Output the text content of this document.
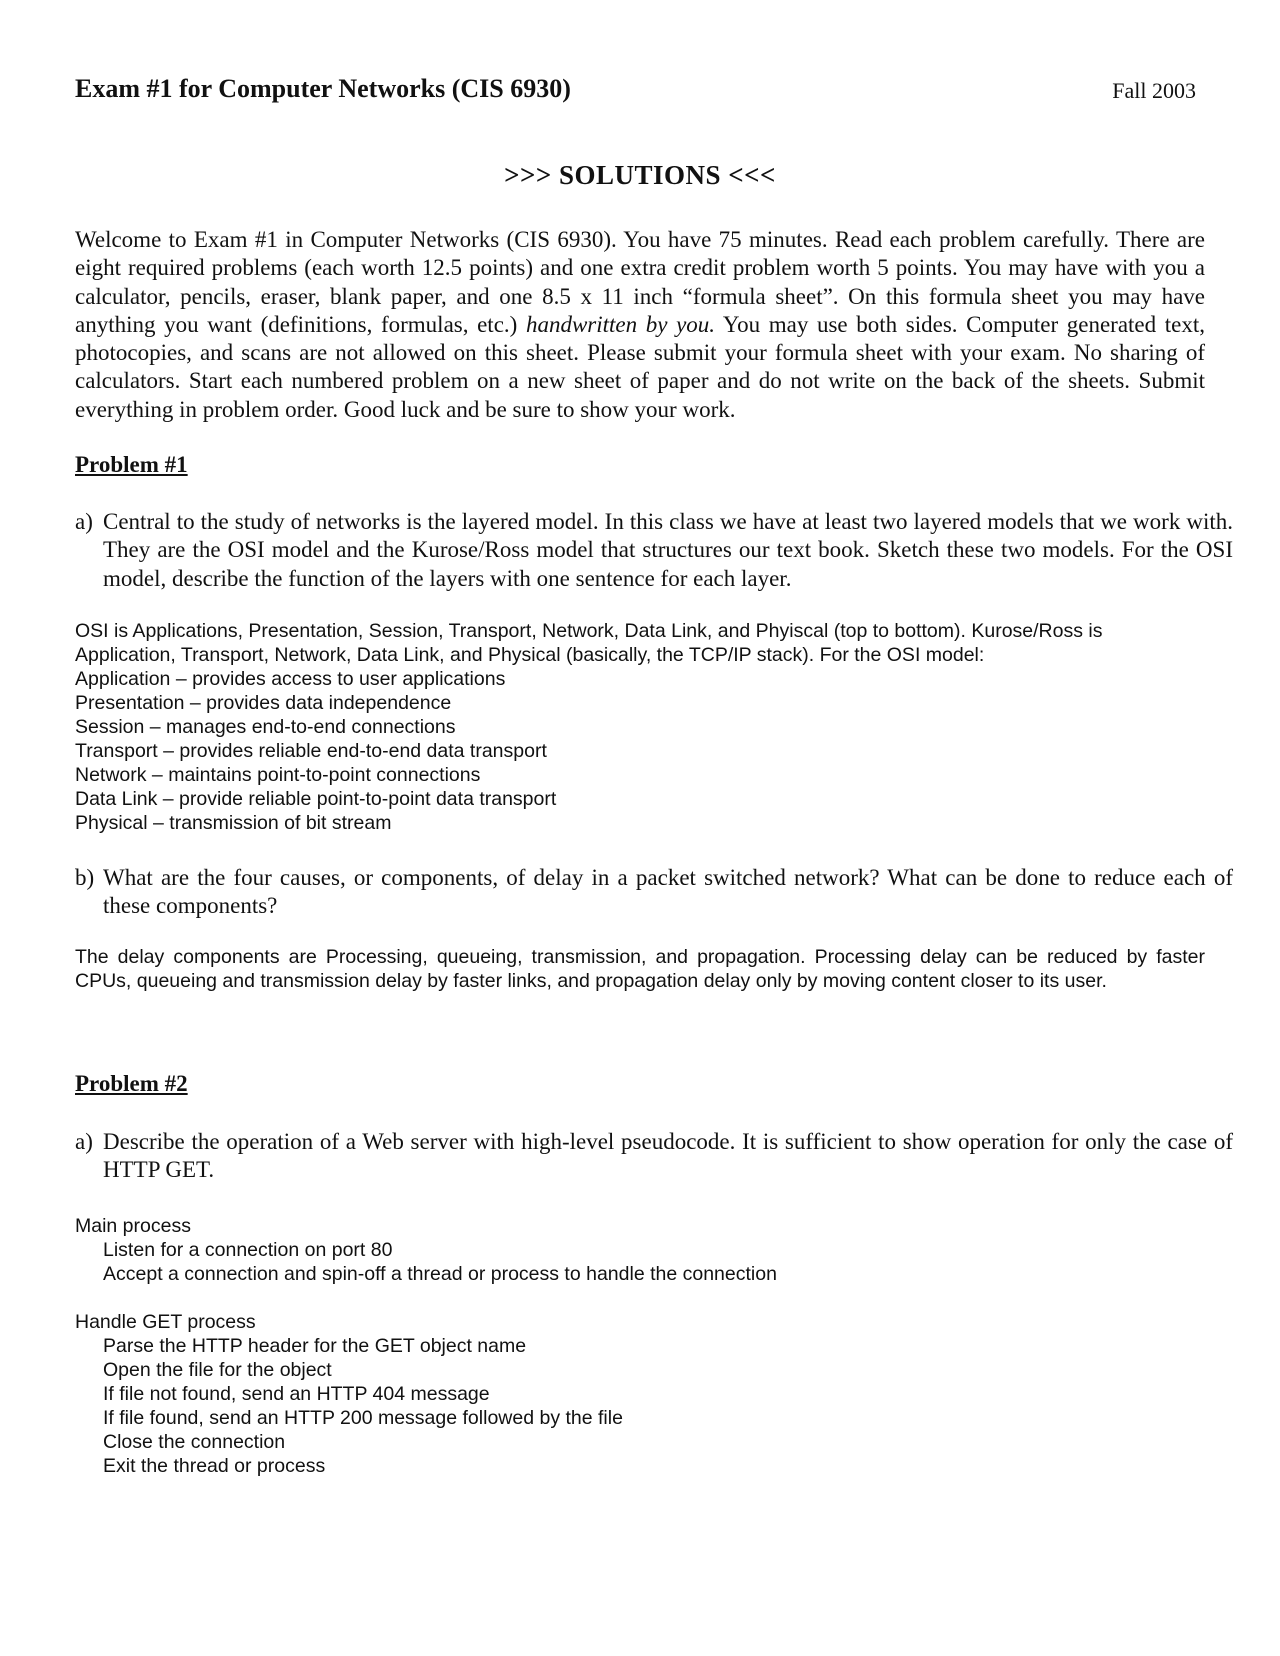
Exam #1 for Computer Networks (CIS 6930)	Fall 2003
>>> SOLUTIONS <<<
Welcome to Exam #1 in Computer Networks (CIS 6930). You have 75 minutes. Read each problem carefully. There are eight required problems (each worth 12.5 points) and one extra credit problem worth 5 points. You may have with you a calculator, pencils, eraser, blank paper, and one 8.5 x 11 inch “formula sheet”. On this formula sheet you may have anything you want (definitions, formulas, etc.) handwritten by you. You may use both sides. Computer generated text, photocopies, and scans are not allowed on this sheet. Please submit your formula sheet with your exam. No sharing of calculators. Start each numbered problem on a new sheet of paper and do not write on the back of the sheets. Submit everything in problem order. Good luck and be sure to show your work.
Problem #1
a) Central to the study of networks is the layered model. In this class we have at least two layered models that we work with. They are the OSI model and the Kurose/Ross model that structures our text book. Sketch these two models. For the OSI model, describe the function of the layers with one sentence for each layer.
OSI is Applications, Presentation, Session, Transport, Network, Data Link, and Phyiscal (top to bottom). Kurose/Ross is
Application, Transport, Network, Data Link, and Physical (basically, the TCP/IP stack). For the OSI model:
Application – provides access to user applications
Presentation – provides data independence
Session – manages end-to-end connections
Transport – provides reliable end-to-end data transport
Network – maintains point-to-point connections
Data Link – provide reliable point-to-point data transport
Physical – transmission of bit stream
b) What are the four causes, or components, of delay in a packet switched network? What can be done to reduce each of these components?
The delay components are Processing, queueing, transmission, and propagation. Processing delay can be reduced by faster CPUs, queueing and transmission delay by faster links, and propagation delay only by moving content closer to its user.
Problem #2
a) Describe the operation of a Web server with high-level pseudocode. It is sufficient to show operation for only the case of HTTP GET.
Main process
Listen for a connection on port 80
Accept a connection and spin-off a thread or process to handle the connection
Handle GET process
Parse the HTTP header for the GET object name
Open the file for the object
If file not found, send an HTTP 404 message
If file found, send an HTTP 200 message followed by the file
Close the connection
Exit the thread or process
